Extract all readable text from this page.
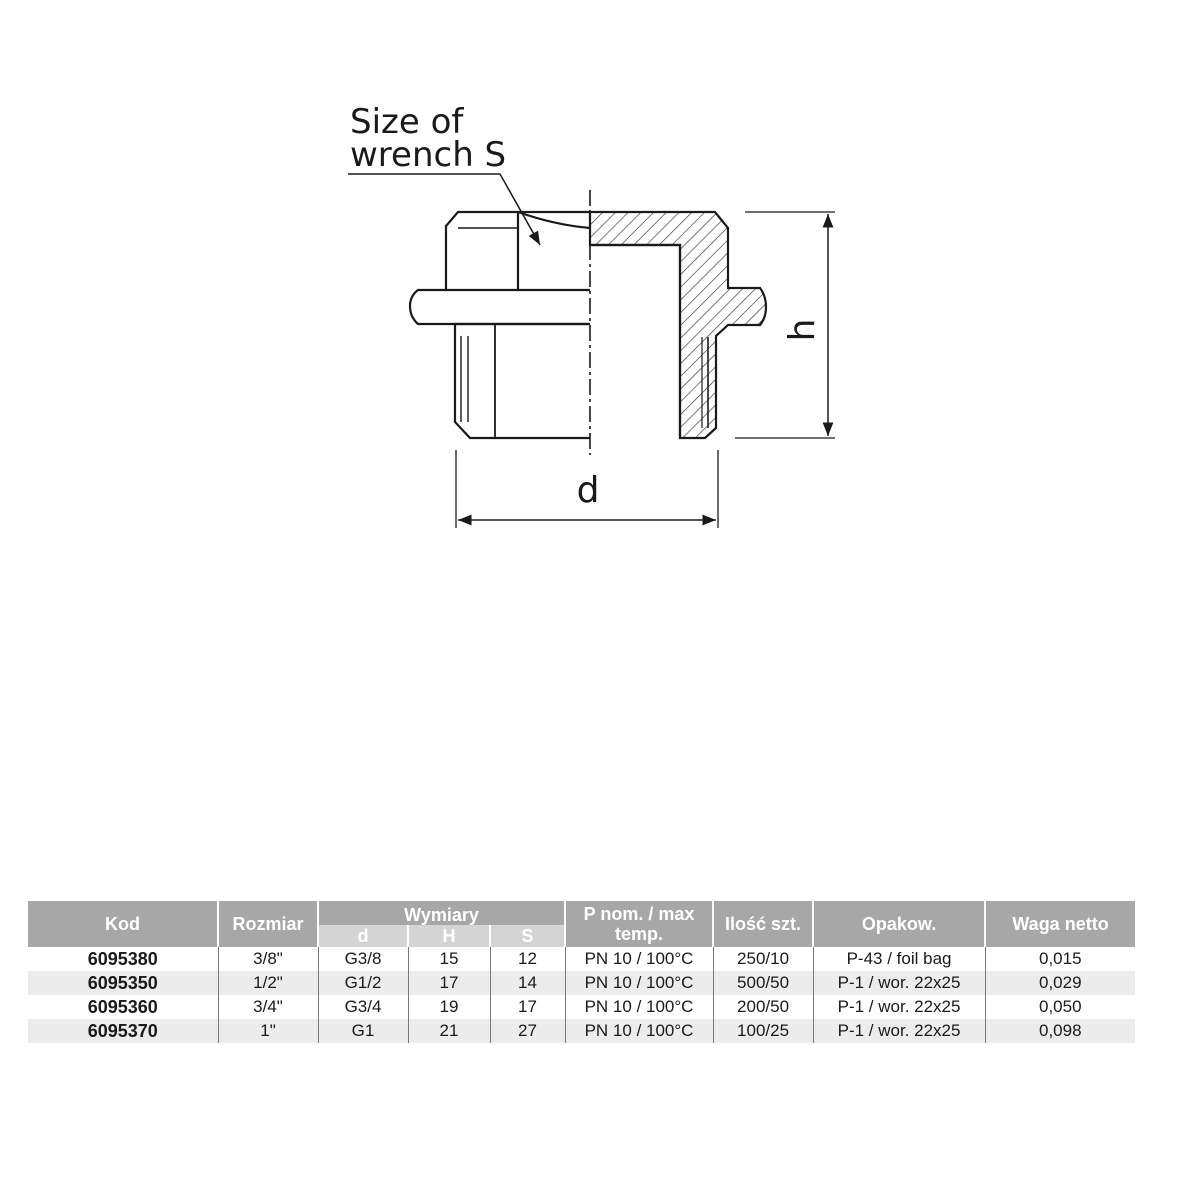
Size of
wrench S
h
d
Kod	Rozmiar	Wymiary			P nom. / max temp.	Ilość szt.	Opakow.	Waga netto
		d	H	S				
6095380	3/8"	G3/8	15	12	PN 10 / 100°C	250/10	P-43 / foil bag	0,015
6095350	1/2"	G1/2	17	14	PN 10 / 100°C	500/50	P-1 / wor. 22x25	0,029
6095360	3/4"	G3/4	19	17	PN 10 / 100°C	200/50	P-1 / wor. 22x25	0,050
6095370	1"	G1	21	27	PN 10 / 100°C	100/25	P-1 / wor. 22x25	0,098
